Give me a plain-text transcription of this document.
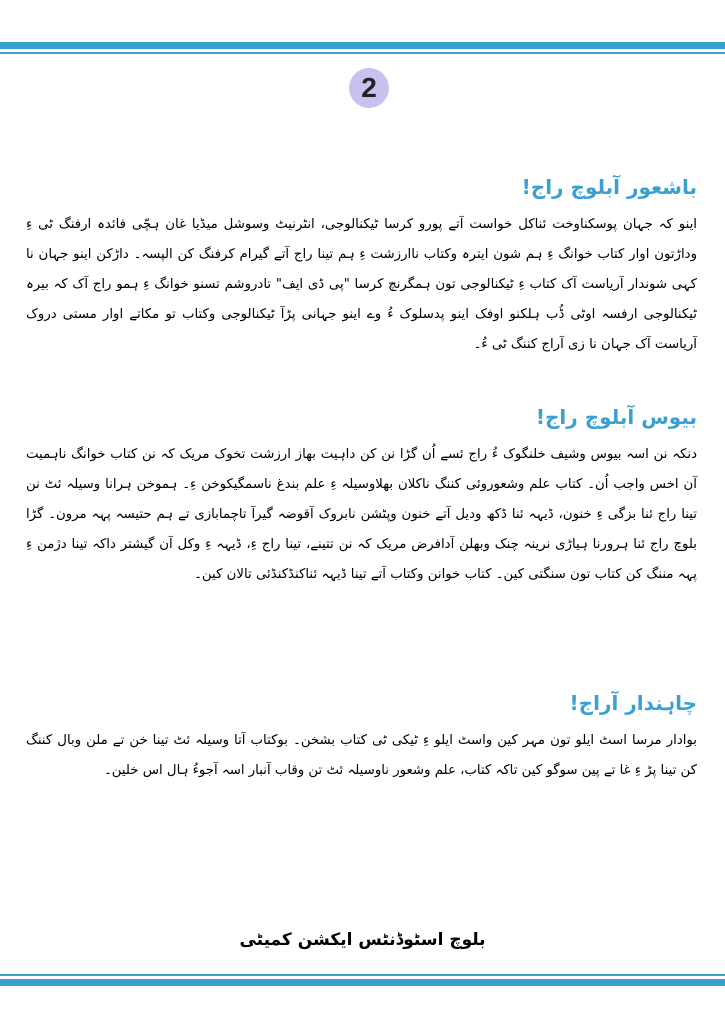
2
باشعور آبلوچ راج!

اینو کہ جہان پوسکناوخت ئناکل خواست آتے پورو کرسا ٹیکنالوجی، انٹرنیٹ وسوشل میڈیا غان ہچّی فائدہ ارفنگ ٹی ءِ وداڑتون اوار کتاب خوانگ ءِ ہم شون ایترہ وکتاب ناارزشت ءِ ہم تینا راج آتے گیرام کرفنگ کن الپسہ۔ داڑکن اینو جہان نا کہی شوندار آریاست آک کتاب ءِ ٹیکنالوجی تون ہمگرنچ کرسا "پی ڈی ایف" تادروشم تسنو خوانگ ءِ ہمو راج آک کہ بیرہ ٹیکنالوجی ارفسہ اوٹی ڈُب ہلکنو اوفک اینو پدسلوک ءُ وے اینو جہانی پڑآ ٹیکنالوجی وکتاب تو مکاتے اوار مستی دروک آریاست آک جہان نا زی آراج کننگ ٹی ءُ۔

بیوس آبلوچ راج!

دنکہ نن اسہ بیوس وشیف خلنگوک ءُ راج ئسے اُن گڑا نن کن داہیت بھاز ارزشت تخوک مریک کہ نن کتاب خوانگ ناہمیت آن اخس واجب اُن۔ کتاب علم وشعوروئی کننگ ناکلان بھلاوسیلہ ءِ علم بندغ ناسمگیکوخن ءِ۔ ہموخن ہرانا وسیلہ ئٹ نن تینا راج ئنا بزگی ءِ خنون، ڈیہہ ئنا ڈکھ ودیل آتے خنون وپٹشن نابروک آقوضہ گیرآ تاچمابازی تے ہم حتیسہ پہہ مرون۔ گڑا بلوچ راج ئنا ہرورنا ہیاڑی نرینہ چنک وبھلن آدافرض مریک کہ نن تتینے، تینا راج ءِ، ڈیہہ ءِ وکل آن گیشتر داکہ تینا دژمن ءِ پہہ مننگ کن کتاب تون سنگتی کین۔ کتاب خوانن وکتاب آتے تینا ڈیہہ ئناکنڈکنڈئی تالان کین۔

چاہندار آراج!

بوادار مرسا اسٹ ایلو تون مہر کین واسٹ ایلو ءِ ٹیکی ٹی کتاب بشخن۔ بوکتاب آتا وسیلہ ئٹ تینا خن تے ملن وبال کننگ کن تینا پڑ ءِ غا تے پین سوگو کین تاکہ کتاب، علم وشعور ناوسیلہ ئٹ تن وقاب آنبار اسہ آجوءُ ہال اس خلین۔

بلوچ اسٹوڈنٹس ایکشن کمیٹی
